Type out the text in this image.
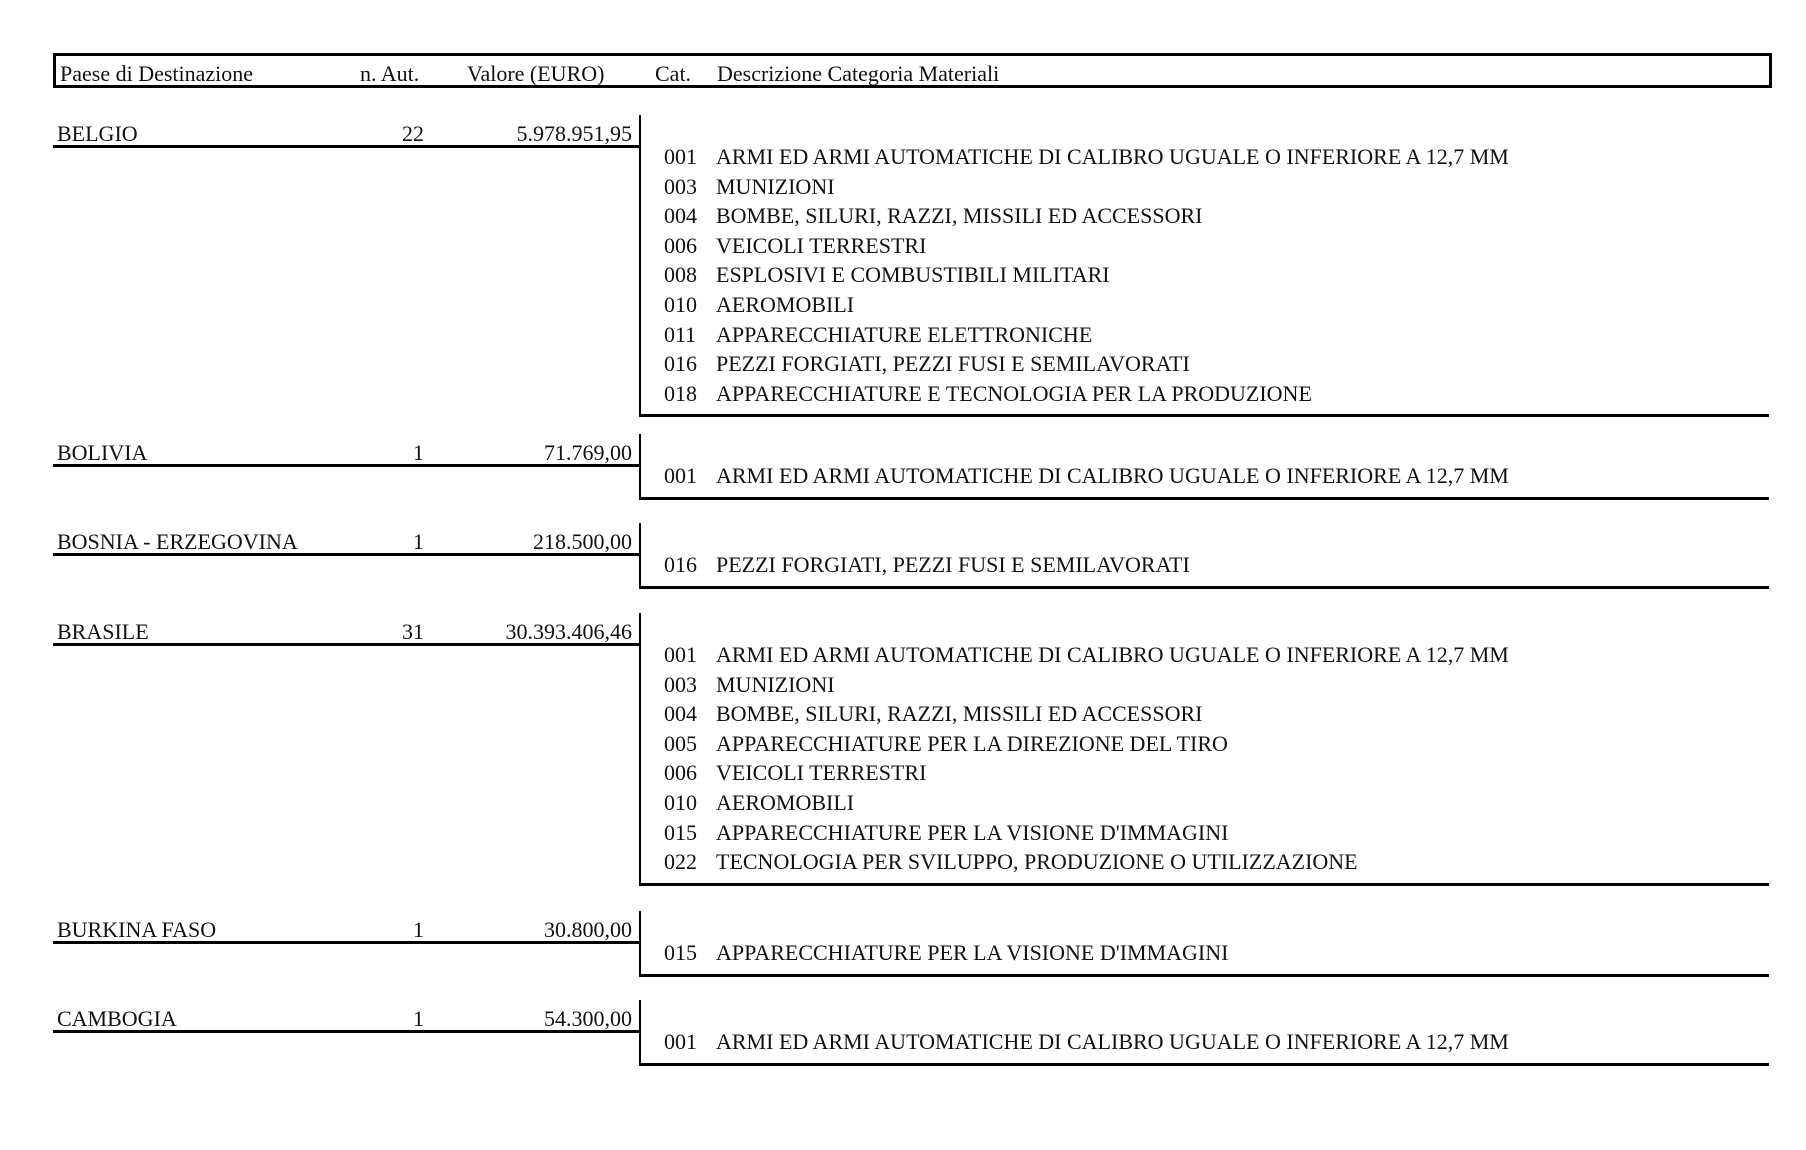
Paese di Destinazione	n. Aut. Valore (EURO) Cat. Descrizione Categoria Materiali
BELGIO	22	5.978.951,95
001 ARMI ED ARMI AUTOMATICHE DI CALIBRO UGUALE O INFERIORE A 12,7 MM
003 MUNIZIONI
004 BOMBE, SILURI, RAZZI, MISSILI ED ACCESSORI
006 VEICOLI TERRESTRI
008 ESPLOSIVI E COMBUSTIBILI MILITARI
010 AEROMOBILI
011 APPARECCHIATURE ELETTRONICHE
016 PEZZI FORGIATI, PEZZI FUSI E SEMILAVORATI
018 APPARECCHIATURE E TECNOLOGIA PER LA PRODUZIONE
BOLIVIA	1	71.769,00
001 ARMI ED ARMI AUTOMATICHE DI CALIBRO UGUALE O INFERIORE A 12,7 MM
BOSNIA - ERZEGOVINA	1	218.500,00
016 PEZZI FORGIATI, PEZZI FUSI E SEMILAVORATI
BRASILE	31	30.393.406,46
001 ARMI ED ARMI AUTOMATICHE DI CALIBRO UGUALE O INFERIORE A 12,7 MM
003 MUNIZIONI
004 BOMBE, SILURI, RAZZI, MISSILI ED ACCESSORI
005 APPARECCHIATURE PER LA DIREZIONE DEL TIRO
006 VEICOLI TERRESTRI
010 AEROMOBILI
015 APPARECCHIATURE PER LA VISIONE D'IMMAGINI
022 TECNOLOGIA PER SVILUPPO, PRODUZIONE O UTILIZZAZIONE
BURKINA FASO	1	30.800,00
015 APPARECCHIATURE PER LA VISIONE D'IMMAGINI
CAMBOGIA	1	54.300,00
001 ARMI ED ARMI AUTOMATICHE DI CALIBRO UGUALE O INFERIORE A 12,7 MM
